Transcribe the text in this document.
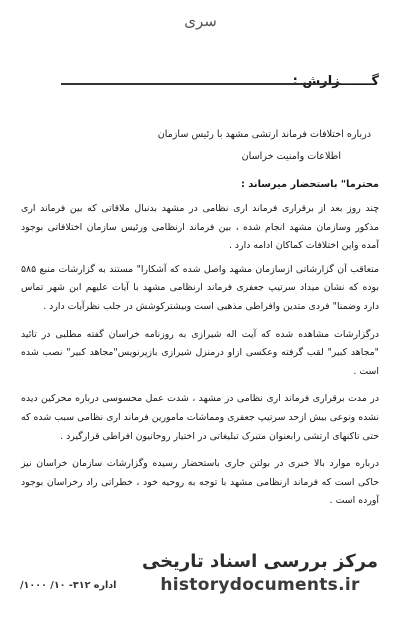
سری
گـــــــزارش :

درباره اختلافات فرماند ارتشی مشهد با رئیس سازمان

اطلاعات وامنیت خراسان

محترما" باستحضار میرساند :

چند روز بعد از برقراری فرماند اری نظامی در مشهد بدنبال ملاقاتی که بین فرماند اری مذکور وسازمان مشهد انجام شده ، بین فرماند ارنظامی ورئیس سازمان اختلافاتی بوجود آمده واین اختلافات کماکان ادامه دارد .

متعاقب آن گزارشاتی ازسازمان مشهد واصل شده که آشکارا" مستند به گزارشات منبع ۵۸۵ بوده که نشان میداد سرتیپ جعفری فرماند ارنظامی مشهد با آیات علیهم ابن شهر تماس دارد وضمنا" فردی متدین وافراطی مذهبی است وبیشترکوشش در جلب نظرآیات دارد .

درگزارشات مشاهده شده که آیت اله شیرازی به روزنامه خراسان گفته مطلبی در تائید "مجاهد کبیر" لقب گرفته وعکسی ازاو درمنزل شیرازی بازیرنویس"مجاهد کبیر" نصب شده است .

در مدت برقراری فرماند اری نظامی در مشهد ، شدت عمل محسوسی درباره محرکین دیده نشده ونوعی بیش ازحد سرتیپ جعفری ومماشات مامورین فرماند اری نظامی سبب شده که حتی تاکنهای ارتشی رابعنوان متبرک تبلیغاتی در اختیار روحانیون افراطی قرارگیرد .

درباره موارد بالا خبری در بولتن جاری باستحضار رسیده وگزارشات سازمان خراسان نیز حاکی است که فرماند ارنظامی مشهد با توجه به روحیه خود ، خطراتی راد رخراسان بوجود آورده است .

اداره ۳۱۲- ۱۰/ ۱۰۰۰/
مرکز بررسی اسناد تاریخی
historydocuments.ir
